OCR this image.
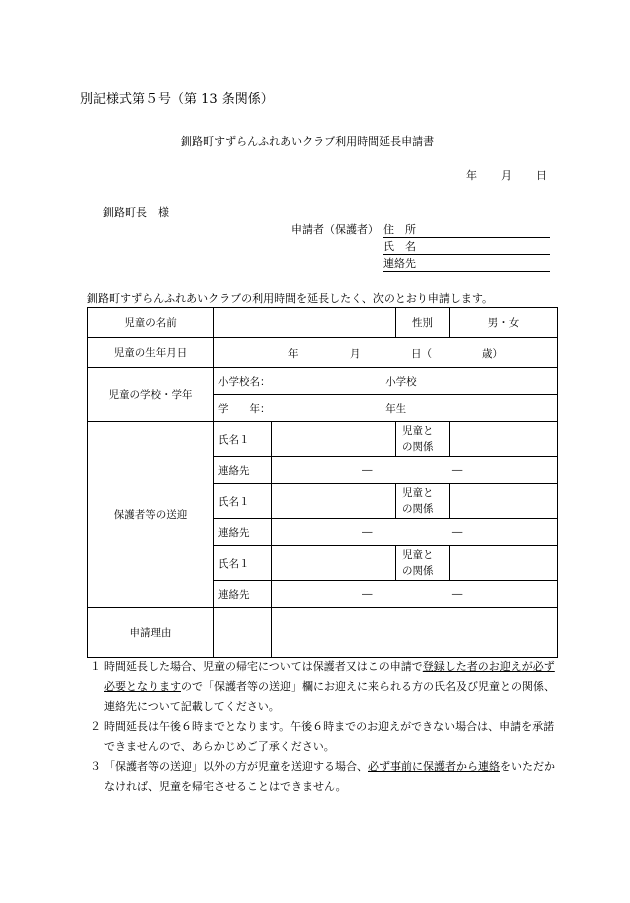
別記様式第５号（第 13 条関係）
釧路町すずらんふれあいクラブ利用時間延長申請書
年 月 日
釧路町長　様
申請者（保護者） 住　所
氏　名
連絡先
釧路町すずらんふれあいクラブの利用時間を延長したく、次のとおり申請します。
児童の名前			性別	男・女
児童の生年月日	年 月 日（ 歳）			

児童の学校・学年	小学校名： 小学校			
	学　　年： 年生			
保護者等の送迎	氏名１		児童と
の関係	
	連絡先	― ―		
	氏名１		児童と
の関係	
	連絡先	― ―		
	氏名１		児童と
の関係	
	連絡先	― ―		
申請理由				
１ 時間延長した場合、児童の帰宅については保護者又はこの申請で登録した者のお迎えが必ず必要となりますので「保護者等の送迎」欄にお迎えに来られる方の氏名及び児童との関係、連絡先について記載してください。
２ 時間延長は午後６時までとなります。午後６時までのお迎えができない場合は、申請を承諾できませんので、あらかじめご了承ください。
３ 「保護者等の送迎」以外の方が児童を送迎する場合、必ず事前に保護者から連絡をいただかなければ、児童を帰宅させることはできません。
